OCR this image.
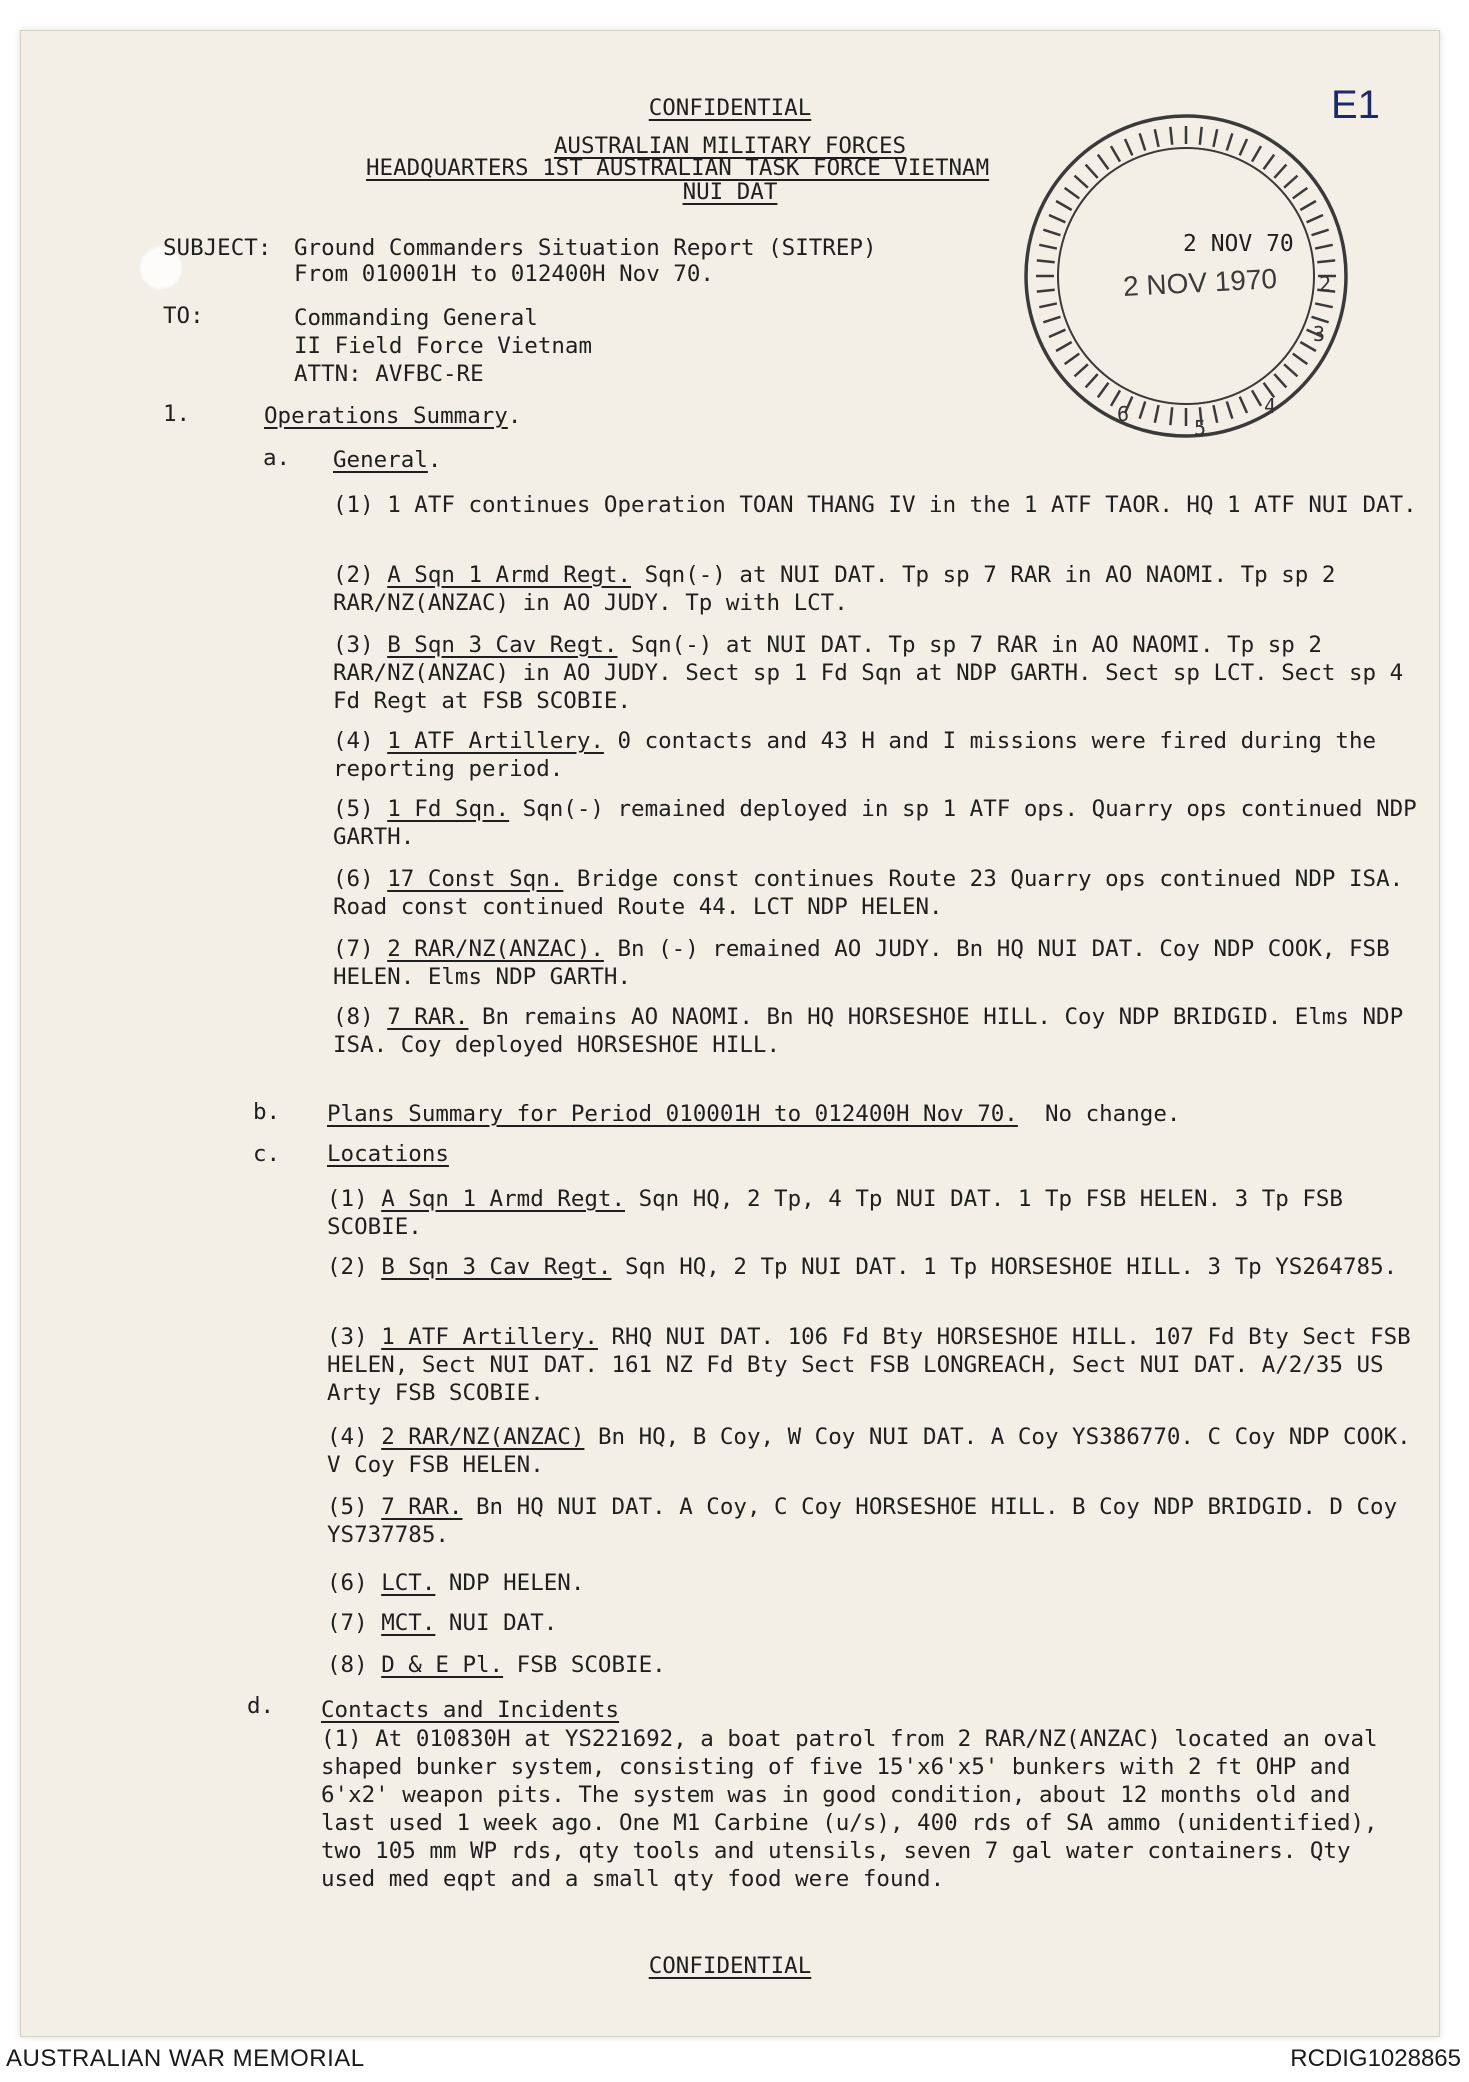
E1
2
3
4
5
6
2 NOV 70
2 NOV 1970
CONFIDENTIAL
AUSTRALIAN MILITARY FORCES
HEADQUARTERS 1ST AUSTRALIAN TASK FORCE VIETNAM
NUI DAT
SUBJECT: Ground Commanders Situation Report (SITREP)
From 010001H to 012400H Nov 70.
TO:	Commanding General
II Field Force Vietnam
ATTN: AVFBC-RE
1.	Operations Summary.
a. General.

(1) 1 ATF continues Operation TOAN THANG IV in the 1 ATF TAOR. HQ 1 ATF NUI DAT.

(2) A Sqn 1 Armd Regt. Sqn(-) at NUI DAT. Tp sp 7 RAR in AO NAOMI. Tp sp 2 RAR/NZ(ANZAC) in AO JUDY. Tp with LCT.

(3) B Sqn 3 Cav Regt. Sqn(-) at NUI DAT. Tp sp 7 RAR in AO NAOMI. Tp sp 2 RAR/NZ(ANZAC) in AO JUDY. Sect sp 1 Fd Sqn at NDP GARTH. Sect sp LCT. Sect sp 4 Fd Regt at FSB SCOBIE.

(4) 1 ATF Artillery. 0 contacts and 43 H and I missions were fired during the reporting period.

(5) 1 Fd Sqn. Sqn(-) remained deployed in sp 1 ATF ops. Quarry ops continued NDP GARTH.

(6) 17 Const Sqn. Bridge const continues Route 23 Quarry ops continued NDP ISA. Road const continued Route 44. LCT NDP HELEN.

(7) 2 RAR/NZ(ANZAC). Bn (-) remained AO JUDY. Bn HQ NUI DAT. Coy NDP COOK, FSB HELEN. Elms NDP GARTH.

(8) 7 RAR. Bn remains AO NAOMI. Bn HQ HORSESHOE HILL. Coy NDP BRIDGID. Elms NDP ISA. Coy deployed HORSESHOE HILL.

b. Plans Summary for Period 010001H to 012400H Nov 70. No change.
c. Locations

(1) A Sqn 1 Armd Regt. Sqn HQ, 2 Tp, 4 Tp NUI DAT. 1 Tp FSB HELEN. 3 Tp FSB SCOBIE.

(2) B Sqn 3 Cav Regt. Sqn HQ, 2 Tp NUI DAT. 1 Tp HORSESHOE HILL. 3 Tp YS264785.

(3) 1 ATF Artillery. RHQ NUI DAT. 106 Fd Bty HORSESHOE HILL. 107 Fd Bty Sect FSB HELEN, Sect NUI DAT. 161 NZ Fd Bty Sect FSB LONGREACH, Sect NUI DAT. A/2/35 US Arty FSB SCOBIE.

(4) 2 RAR/NZ(ANZAC) Bn HQ, B Coy, W Coy NUI DAT. A Coy YS386770. C Coy NDP COOK. V Coy FSB HELEN.

(5) 7 RAR. Bn HQ NUI DAT. A Coy, C Coy HORSESHOE HILL. B Coy NDP BRIDGID. D Coy YS737785.

(6) LCT. NDP HELEN.

(7) MCT. NUI DAT.

(8) D & E Pl. FSB SCOBIE.

d. Contacts and Incidents

(1) At 010830H at YS221692, a boat patrol from 2 RAR/NZ(ANZAC) located an oval shaped bunker system, consisting of five 15'x6'x5' bunkers with 2 ft OHP and 6'x2' weapon pits. The system was in good condition, about 12 months old and last used 1 week ago. One M1 Carbine (u/s), 400 rds of SA ammo (unidentified), two 105 mm WP rds, qty tools and utensils, seven 7 gal water containers. Qty used med eqpt and a small qty food were found.

CONFIDENTIAL
AUSTRALIAN WAR MEMORIAL	RCDIG1028865
